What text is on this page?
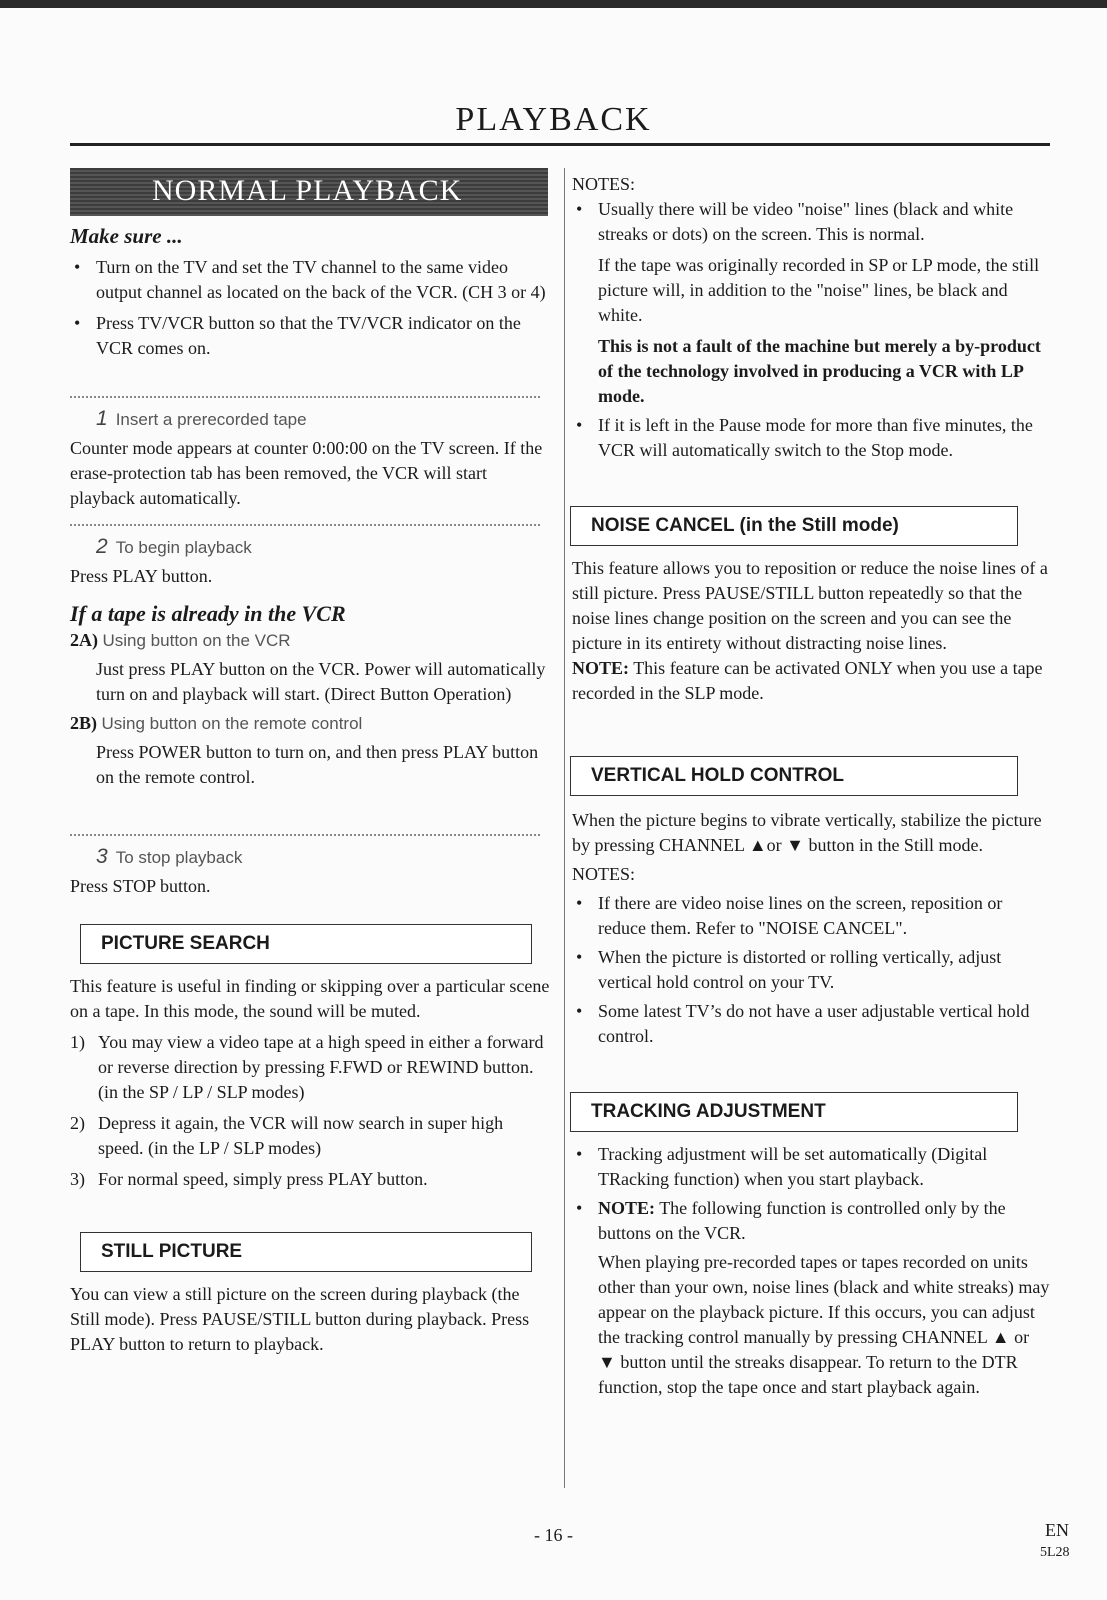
PLAYBACK
NORMAL PLAYBACK

Make sure ...

• Turn on the TV and set the TV channel to the same video output channel as located on the back of the VCR. (CH 3 or 4)

• Press TV/VCR button so that the TV/VCR indicator on the VCR comes on.

1 Insert a prerecorded tape

Counter mode appears at counter 0:00:00 on the TV screen. If the erase-protection tab has been removed, the VCR will start playback automatically.

2 To begin playback

Press PLAY button.

If a tape is already in the VCR

2A) Using button on the VCR

Just press PLAY button on the VCR. Power will automatically turn on and playback will start. (Direct Button Operation)

2B) Using button on the remote control

Press POWER button to turn on, and then press PLAY button on the remote control.

3 To stop playback

Press STOP button.

PICTURE SEARCH

This feature is useful in finding or skipping over a particular scene on a tape. In this mode, the sound will be muted.

1) You may view a video tape at a high speed in either a forward or reverse direction by pressing F.FWD or REWIND button. (in the SP / LP / SLP modes)

2) Depress it again, the VCR will now search in super high speed. (in the LP / SLP modes)

3) For normal speed, simply press PLAY button.

STILL PICTURE

You can view a still picture on the screen during playback (the Still mode). Press PAUSE/STILL button during playback. Press PLAY button to return to playback.

NOTES:

• Usually there will be video "noise" lines (black and white streaks or dots) on the screen. This is normal.

If the tape was originally recorded in SP or LP mode, the still picture will, in addition to the "noise" lines, be black and white.

This is not a fault of the machine but merely a by-product of the technology involved in producing a VCR with LP mode.

• If it is left in the Pause mode for more than five minutes, the VCR will automatically switch to the Stop mode.

NOISE CANCEL (in the Still mode)

This feature allows you to reposition or reduce the noise lines of a still picture. Press PAUSE/STILL button repeatedly so that the noise lines change position on the screen and you can see the picture in its entirety without distracting noise lines.

NOTE: This feature can be activated ONLY when you use a tape recorded in the SLP mode.

VERTICAL HOLD CONTROL

When the picture begins to vibrate vertically, stabilize the picture by pressing CHANNEL ▲or ▼ button in the Still mode.

NOTES:

• If there are video noise lines on the screen, reposition or reduce them. Refer to "NOISE CANCEL".

• When the picture is distorted or rolling vertically, adjust vertical hold control on your TV.

• Some latest TV’s do not have a user adjustable vertical hold control.

TRACKING ADJUSTMENT

• Tracking adjustment will be set automatically (Digital TRacking function) when you start playback.

• NOTE: The following function is controlled only by the buttons on the VCR.

When playing pre-recorded tapes or tapes recorded on units other than your own, noise lines (black and white streaks) may appear on the playback picture. If this occurs, you can adjust the tracking control manually by pressing CHANNEL ▲ or ▼ button until the streaks disappear. To return to the DTR function, stop the tape once and start playback again.

- 16 -	EN
5L28
